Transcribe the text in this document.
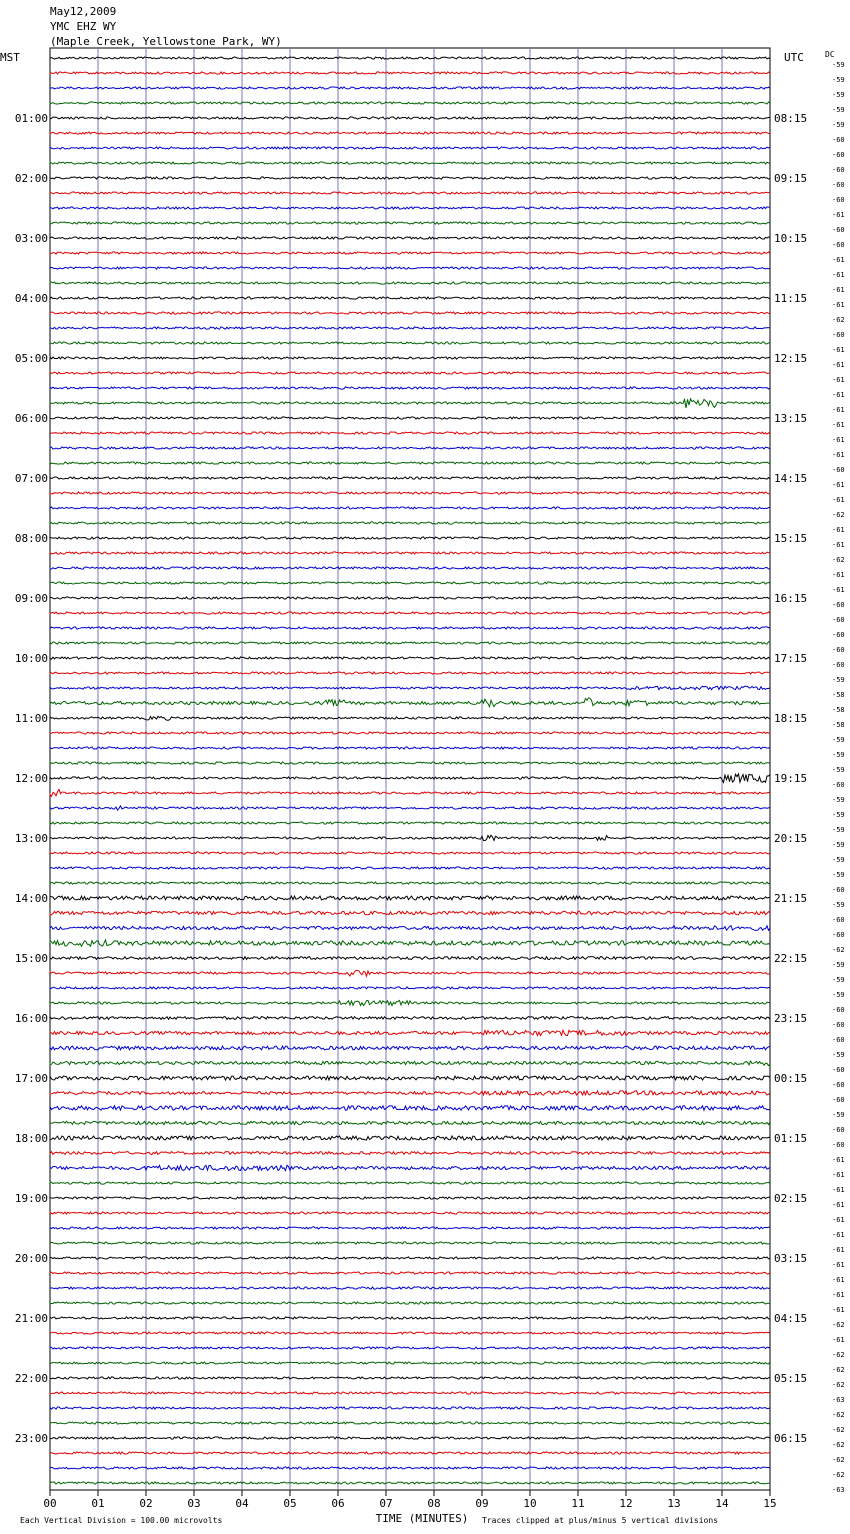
May12,2009
YMC EHZ WY
(Maple Creek, Yellowstone Park, WY)
MST	UTC	DC
01:00
02:00
03:00
04:00
05:00
06:00
07:00
08:00
09:00
10:00
11:00
12:00
13:00
14:00
15:00
16:00
17:00
18:00
19:00
20:00
21:00
22:00
23:00
08:15
09:15
10:15
11:15
12:15
13:15
14:15
15:15
16:15
17:15
18:15
19:15
20:15
21:15
22:15
23:15
00:15
01:15
02:15
03:15
04:15
05:15
06:15
-59
-59
-59
-59
-59
-60
-60
-60
-60
-60
-61
-60
-60
-61
-61
-61
-61
-62
-60
-61
-61
-61
-61
-61
-61
-61
-61
-60
-61
-61
-62
-61
-61
-62
-61
-61
-60
-60
-60
-60
-60
-59
-58
-58
-58
-59
-59
-59
-60
-59
-59
-59
-59
-59
-59
-60
-59
-60
-60
-62
-59
-59
-59
-60
-60
-60
-59
-60
-60
-60
-59
-60
-60
-61
-61
-61
-61
-61
-61
-61
-61
-61
-61
-61
-62
-61
-62
-62
-62
-63
-62
-62
-62
-62
-62
-63
00	01	02	03	04	05	06	07	08	09	10	11	12	13	14	15
TIME (MINUTES)
Each Vertical Division = 100.00 microvolts	Traces clipped at plus/minus 5 vertical divisions
